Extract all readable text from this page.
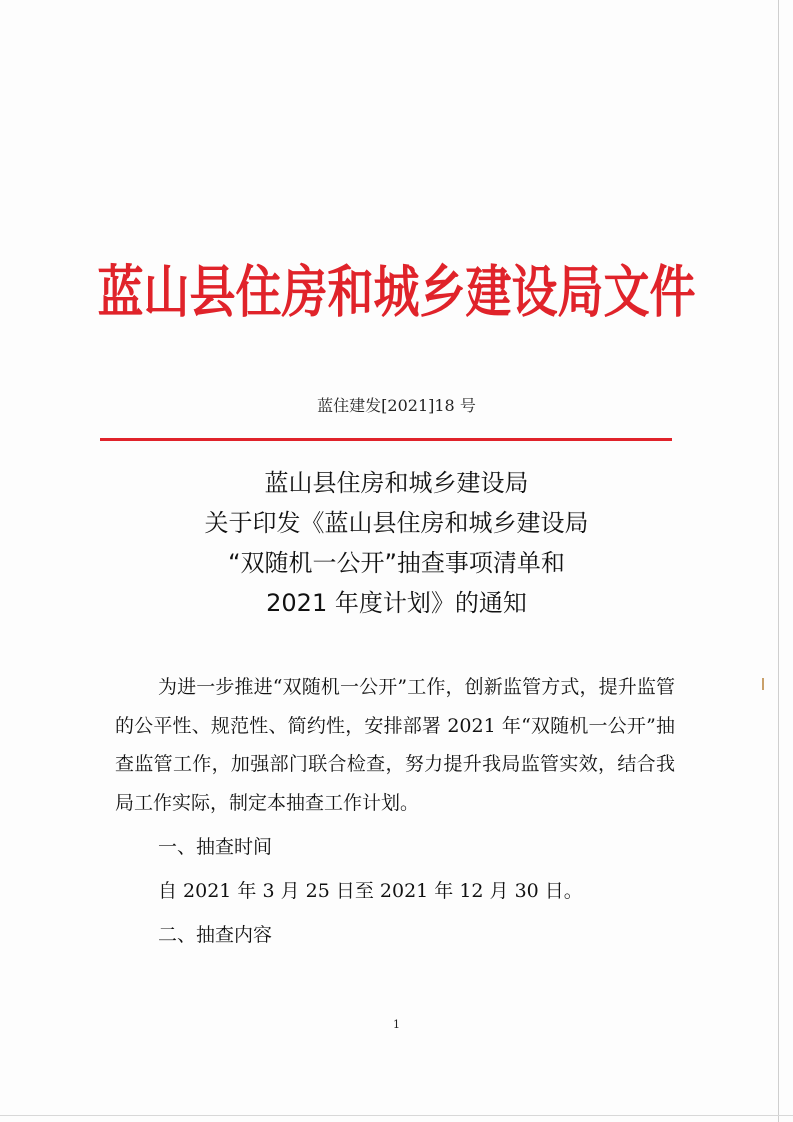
蓝山县住房和城乡建设局文件
蓝住建发[2021]18 号
蓝山县住房和城乡建设局
关于印发《蓝山县住房和城乡建设局
“双随机一公开”抽查事项清单和
2021 年度计划》的通知

为进一步推进“双随机一公开”工作，创新监管方式，提升监管的公平性、规范性、简约性，安排部署 2021 年“双随机一公开”抽查监管工作，加强部门联合检查，努力提升我局监管实效，结合我局工作实际，制定本抽查工作计划。

一、抽查时间

自 2021 年 3 月 25 日至 2021 年 12 月 30 日。

二、抽查内容

1
